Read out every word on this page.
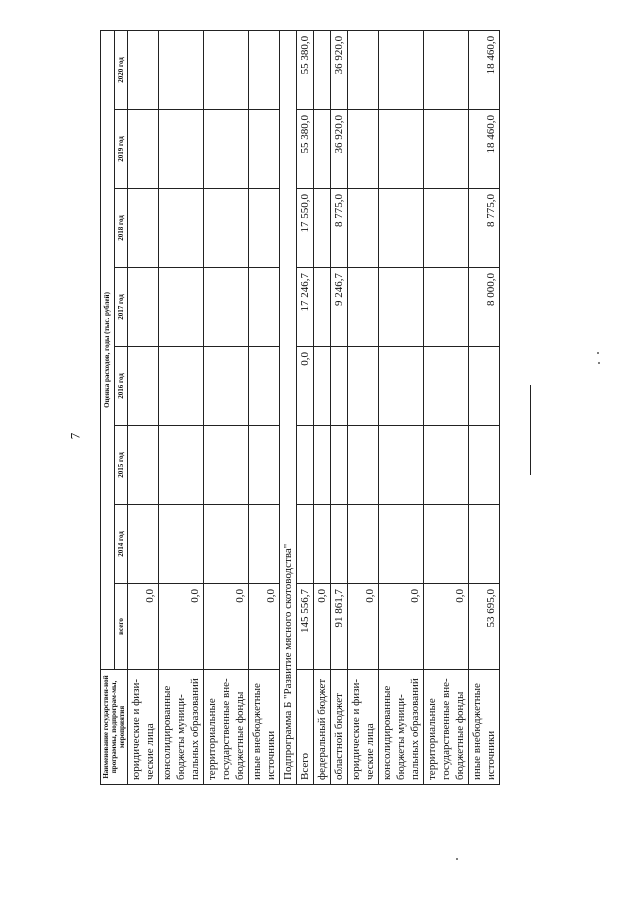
7
Наименование государствен-ной программы, подпрограм-мы, мероприятия	Оценка расходов, годы (тыс. рублей)							
	всего	2014 год	2015 год	2016 год	2017 год	2018 год	2019 год	2020 год
юридические и физи-ческие лица	0,0							
консолидированные бюджеты муници-пальных образований	0,0							
территориальные государственные вне-бюджетные фонды	0,0							
иные внебюджетные источники	0,0							
Подпрограмма Б "Развитие мясного скотоводства"								
Всего	145 556,7			0,0	17 246,7	17 550,0	55 380,0	55 380,0
федеральный бюджет	0,0							
областной бюджет	91 861,7				9 246,7	8 775,0	36 920,0	36 920,0
юридические и физи-ческие лица	0,0							
консолидированные бюджеты муници-пальных образований	0,0							
территориальные государственные вне-бюджетные фонды	0,0							
иные внебюджетные источники	53 695,0				8 000,0	8 775,0	18 460,0	18 460,0
